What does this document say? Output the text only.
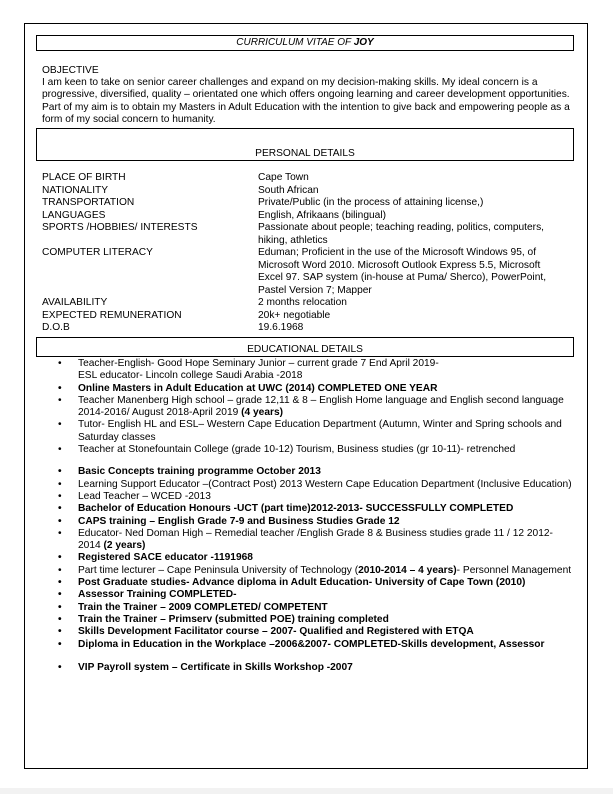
CURRICULUM VITAE OF JOY
OBJECTIVE
I am keen to take on senior career challenges and expand on my decision-making skills. My ideal concern is a progressive, diversified, quality – orientated one which offers ongoing learning and career development opportunities. Part of my aim is to obtain my Masters in Adult Education with the intention to give back and empowering people as a form of my social concern to humanity.
PERSONAL DETAILS
PLACE OF BIRTH	Cape Town
NATIONALITY	South African
TRANSPORTATION	Private/Public (in the process of attaining license,)
LANGUAGES	English, Afrikaans (bilingual)
SPORTS /HOBBIES/ INTERESTS	Passionate about people; teaching reading, politics, computers, hiking, athletics
COMPUTER LITERACY	Eduman; Proficient in the use of the Microsoft Windows 95, of Microsoft Word 2010. Microsoft Outlook Express 5.5, Microsoft Excel 97. SAP system (in-house at Puma/ Sherco), PowerPoint, Pastel Version 7; Mapper
AVAILABILITY	2 months relocation
EXPECTED REMUNERATION	20k+ negotiable
D.O.B	19.6.1968
EDUCATIONAL DETAILS
• Teacher-English- Good Hope Seminary Junior – current grade 7 End April 2019-
ESL educator- Lincoln college Saudi Arabia -2018
• Online Masters in Adult Education at UWC (2014) COMPLETED ONE YEAR
• Teacher Manenberg High school – grade 12,11 & 8 – English Home language and English second language 2014-2016/ August 2018-April 2019 (4 years)
• Tutor- English HL and ESL– Western Cape Education Department (Autumn, Winter and Spring schools and Saturday classes
• Teacher at Stonefountain College (grade 10-12) Tourism, Business studies (gr 10-11)- retrenched
• Basic Concepts training programme October 2013
• Learning Support Educator –(Contract Post) 2013 Western Cape Education Department (Inclusive Education)
• Lead Teacher – WCED -2013
• Bachelor of Education Honours -UCT (part time)2012-2013- SUCCESSFULLY COMPLETED
• CAPS training – English Grade 7-9 and Business Studies Grade 12
• Educator- Ned Doman High – Remedial teacher /English Grade 8 & Business studies grade 11 / 12 2012-2014 (2 years)
• Registered SACE educator -1191968
• Part time lecturer – Cape Peninsula University of Technology (2010-2014 – 4 years)- Personnel Management
• Post Graduate studies- Advance diploma in Adult Education- University of Cape Town (2010)
• Assessor Training COMPLETED-
• Train the Trainer – 2009 COMPLETED/ COMPETENT
• Train the Trainer – Primserv (submitted POE) training completed
• Skills Development Facilitator course – 2007- Qualified and Registered with ETQA
• Diploma in Education in the Workplace –2006&2007- COMPLETED-Skills development, Assessor
• VIP Payroll system – Certificate in Skills Workshop -2007
